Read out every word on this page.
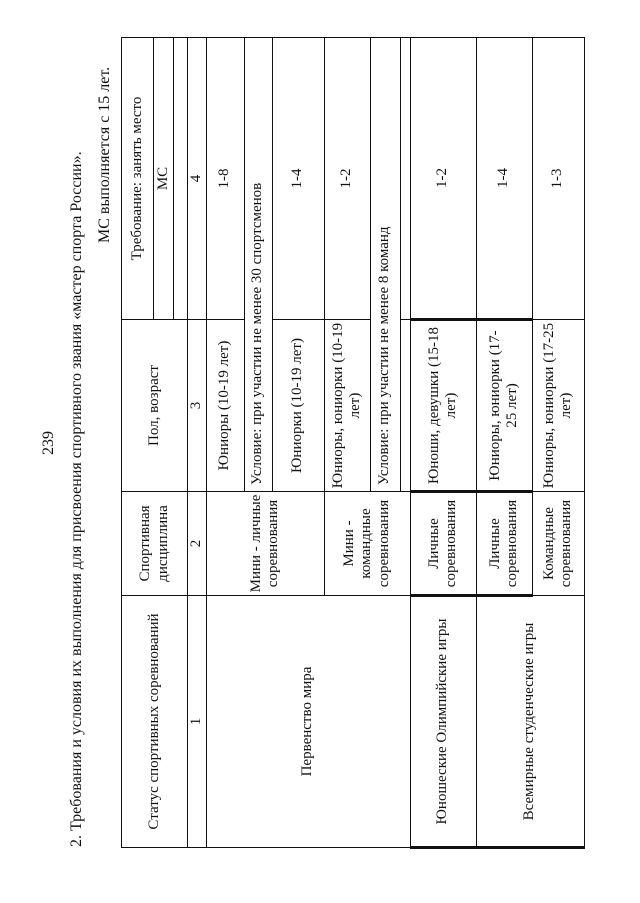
239 2. Требования и условия их выполнения для присвоения спортивного звания «мастер спорта России». МС выполняется с 15 лет.
Статус спортивных соревнований	Спортивная дисциплина	Пол, возраст	Требование: занять место
			МС

1	2	3	4
Первенство мира	Мини - личные соревнования	Юниоры (10-19 лет)	1-8
		Условие: при участии не менее 30 спортсменов	
		Юниорки (10-19 лет)	1-4
	Мини - командные соревнования	Юниоры, юниорки (10-19 лет)	1-2
		Условие: при участии не менее 8 команд	

Юношеские Олимпийские игры	Личные соревнования	Юноши, девушки (15-18 лет)	1-2
Всемирные студенческие игры	Личные соревнования	Юниоры, юниорки (17-25 лет)	1-4
	Командные соревнования	Юниоры, юниорки (17-25 лет)	1-3
